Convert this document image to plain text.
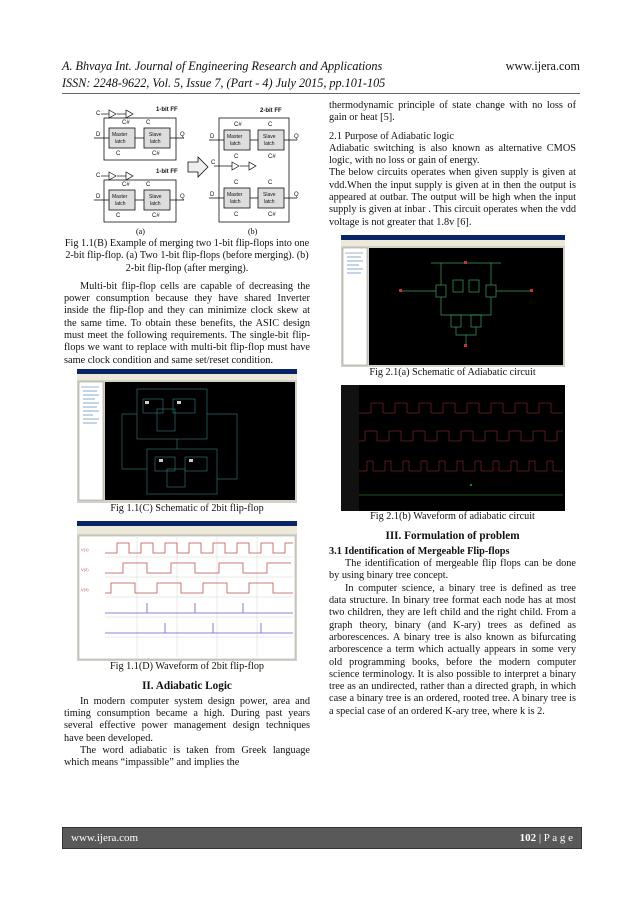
A. Bhvaya Int. Journal of Engineering Research and Applications	www.ijera.com
ISSN: 2248-9622, Vol. 5, Issue 7, (Part - 4) July 2015, pp.101-105
1-bit FF
Master
latch
Slave
latch
D	Q
C
C#	C
C	C#
1-bit FF
Master
latch
Slave
latch
D	Q
C
C#	C
C	C#
2-bit FF
Master
latch
Slave
latch
Master
latch
Slave
latch
C
D
D
Q
Q
C#	C
C	C#
C	C
C	C#
(a)	(b)

Fig 1.1(B) Example of merging two 1-bit flip-flops into one 2-bit flip-flop. (a) Two 1-bit flip-flops (before merging). (b) 2-bit flip-flop (after merging).

Multi-bit flip-flop cells are capable of decreasing the power consumption because they have shared Inverter inside the flip-flop and they can minimize clock skew at the same time. To obtain these benefits, the ASIC design must meet the following requirements. The single-bit flip-flops we want to replace with multi-bit flip-flop must have same clock condition and same set/reset condition.

Fig 1.1(C) Schematic of 2bit flip-flop

V(1)
V(2)
V(3)

Fig 1.1(D) Waveform of 2bit flip-flop

II. Adiabatic Logic

In modern computer system design power, area and timing consumption became a high. During past years several effective power management design techniques have been developed.

The word adiabatic is taken from Greek language which means “impassible” and implies the

thermodynamic principle of state change with no loss of gain or heat [5].

2.1 Purpose of Adiabatic logic

Adiabatic switching is also known as alternative CMOS logic, with no loss or gain of energy.

The below circuits operates when given supply is given at vdd.When the input supply is given at in then the output is appeared at outbar. The output will be high when the input supply is given at inbar . This circuit operates when the vdd voltage is not greater that 1.8v [6].

Fig 2.1(a) Schematic of Adiabatic circuit

Fig 2.1(b) Waveform of adiabatic circuit

III. Formulation of problem

3.1 Identification of Mergeable Flip-flops

The identification of mergeable flip flops can be done by using binary tree concept.

In computer science, a binary tree is defined as tree data structure. In binary tree format each node has at most two children, they are left child and the right child. From a graph theory, binary (and K-ary) trees as defined as arborescences. A binary tree is also known as bifurcating arborescence a term which actually appears in some very old programming books, before the modern computer science terminology. It is also possible to interpret a binary tree as an undirected, rather than a directed graph, in which case a binary tree is an ordered, rooted tree. A binary tree is a special case of an ordered K-ary tree, where k is 2.

www.ijera.com	102 | P a g e
